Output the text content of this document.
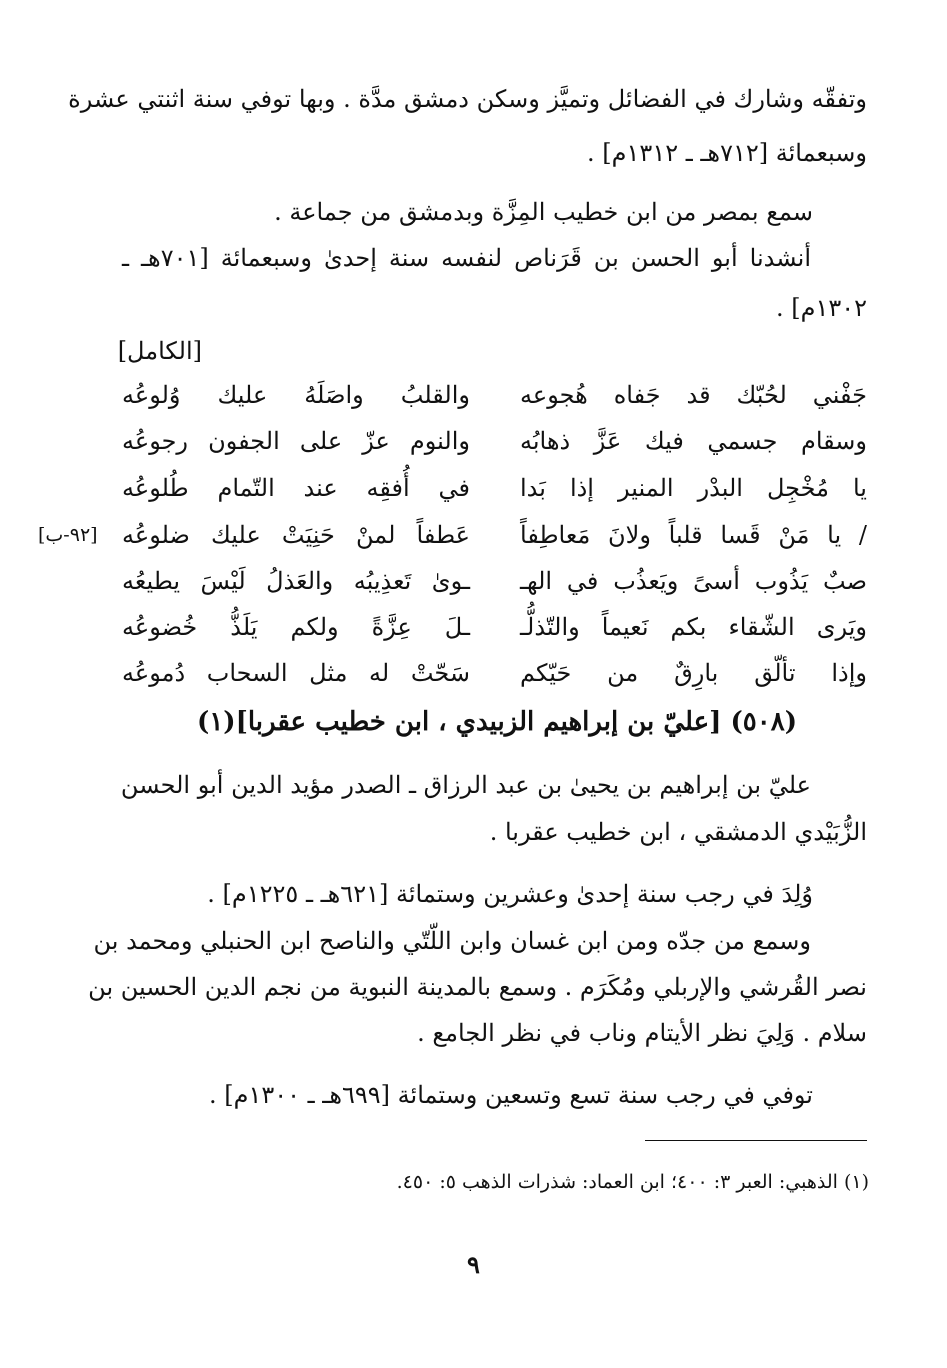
وتفقّه وشارك في الفضائل وتميَّز وسكن دمشق مدَّة . وبها توفي سنة اثنتي عشرة
وسبعمائة [٧١٢هـ ـ ١٣١٢م] .
سمع بمصر من ابن خطيب المِزَّة وبدمشق من جماعة .
أنشدنا أبو الحسن بن قَرَناص لنفسه سنة إحدىٰ وسبعمائة [٧٠١هـ ـ
١٣٠٢م] .
[الكامل]
جَفْني لحُبّك قد جَفاه هُجوعه
والقلبُ واصَلَهُ عليك وُلوعُه
وسقام جسمي فيك عَزَّ ذهابُه
والنوم عزّ على الجفون رجوعُه
يا مُخْجِل البدْر المنير إذا بَدا
في أُفقِه عند التّمام طُلوعُه
/ يا مَنْ قَسا قلباً ولانَ مَعاطِفاً
عَطفاً لمنْ حَنِيَتْ عليك ضلوعُه
صبٌ يَذُوب أسىً ويَعذُب في الهـ
ـوىٰ تَعذِيبُه والعَذلُ لَيْسَ يطيعُه
ويَرى الشّقاء بكم نَعيماً والتّذلُّـ
ـلَ عِزَّةً ولكم يَلَذُّ خُضوعُه
وإذا تألّق بارِقٌ من حَيّكم
سَحّتْ له مثل السحاب دُموعُه
[٩٢-ب]
(٥٠٨) [عليّ بن إبراهيم الزبيدي ، ابن خطيب عقربا](١)
عليّ بن إبراهيم بن يحيىٰ بن عبد الرزاق ـ الصدر مؤيد الدين أبو الحسن
الزُّبَيْدي الدمشقي ، ابن خطيب عقربا .
وُلِدَ في رجب سنة إحدىٰ وعشرين وستمائة [٦٢١هـ ـ ١٢٢٥م] .
وسمع من جدّه ومن ابن غسان وابن اللّتّي والناصح ابن الحنبلي ومحمد بن
نصر القُرشي والإربلي ومُكَرَم . وسمع بالمدينة النبوية من نجم الدين الحسين بن
سلام . وَلِيَ نظر الأيتام وناب في نظر الجامع .
توفي في رجب سنة تسع وتسعين وستمائة [٦٩٩هـ ـ ١٣٠٠م] .
(١) الذهبي: العبر ٣: ٤٠٠؛ ابن العماد: شذرات الذهب ٥: ٤٥٠.
٩
